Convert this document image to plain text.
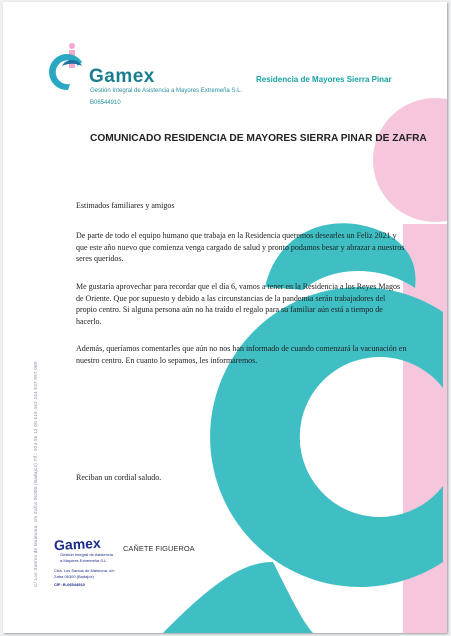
Gamex
Gestión Integral de Asistencia a Mayores Extremeña S.L.
B06544910
Residencia de Mayores Sierra Pinar
COMUNICADO RESIDENCIA DE MAYORES SIERRA PINAR DE ZAFRA
Estimados familiares y amigos
De parte de todo el equipo humano que trabaja en la Residencia queremos desearles un Feliz 2021 y que este año nuevo que comienza venga cargado de salud y pronto podamos besar y abrazar a nuestros seres queridos.
Me gustaría aprovechar para recordar que el día 6, vamos a tener en la Residencia a los Reyes Magos de Oriente. Que por supuesto y debido a las circunstancias de la pandemia serán trabajadores del propio centro. Si alguna persona aún no ha traído el regalo para su familiar aún está a tiempo de hacerlo.
Además, queríamos comentarles que aún no nos han informado de cuando comenzará la vacunación en nuestro centro. En cuanto lo sepamos, les informaremos.
Reciban un cordial saludo.
C/ Los Santos de Maimona, s/n Zafra 06300 (Badajoz) Tlf.: 924 55 12 00 616 442 244 637 897 085	CAÑETE FIGUEROA
Gamex
Gestión Integral de Asistencia
a Mayores Extremeña S.L.
Ctra. Los Santos de Maimona, s/n
Zafra 06300 (Badajoz)
CIF: B-06544910
